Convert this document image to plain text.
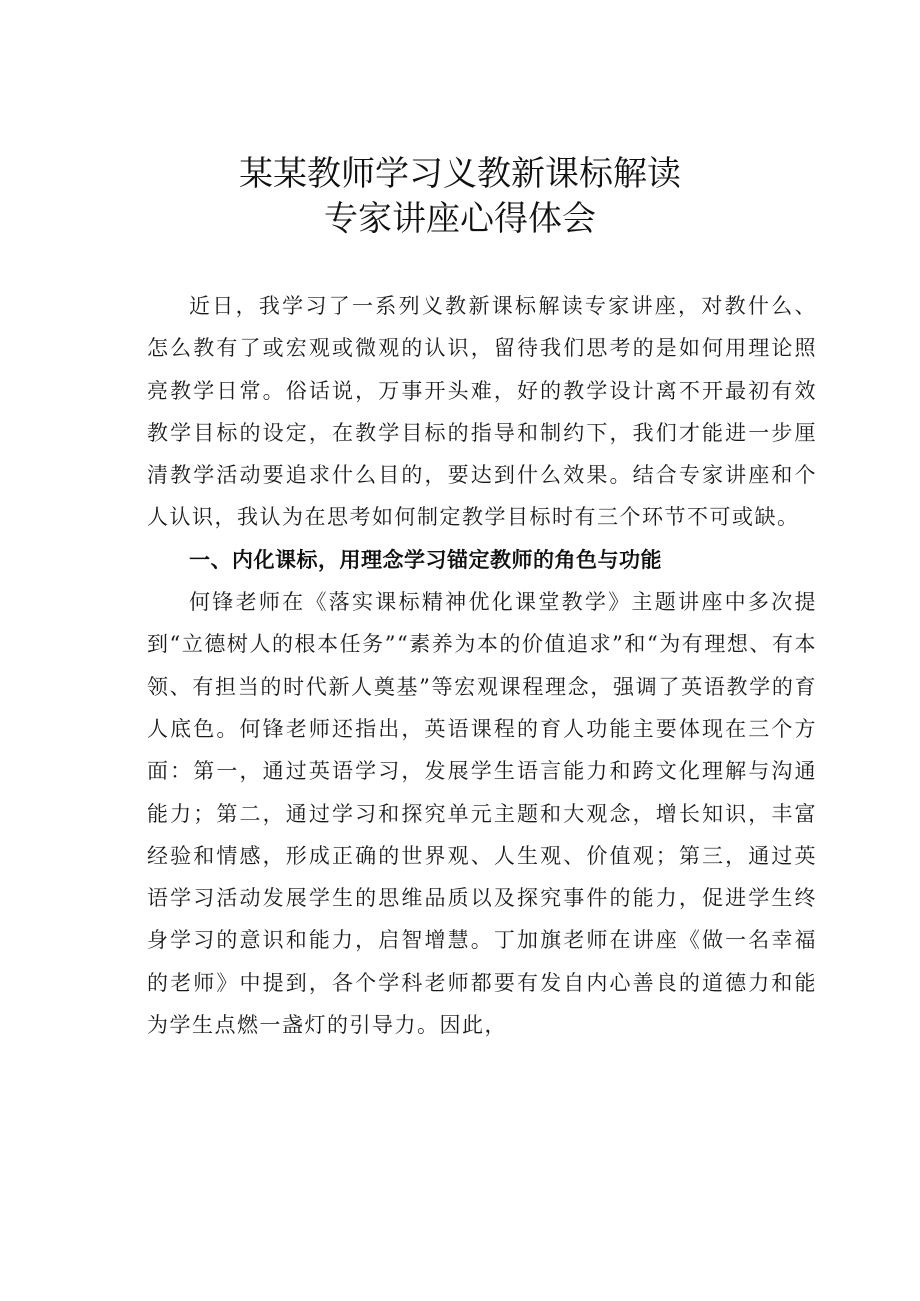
某某教师学习义教新课标解读
专家讲座心得体会

近日，我学习了一系列义教新课标解读专家讲座，对教什么、怎么教有了或宏观或微观的认识，留待我们思考的是如何用理论照亮教学日常。俗话说，万事开头难，好的教学设计离不开最初有效教学目标的设定，在教学目标的指导和制约下，我们才能进一步厘清教学活动要追求什么目的，要达到什么效果。结合专家讲座和个人认识，我认为在思考如何制定教学目标时有三个环节不可或缺。

一、内化课标，用理念学习锚定教师的角色与功能

何锋老师在《落实课标精神优化课堂教学》主题讲座中多次提到“立德树人的根本任务”“素养为本的价值追求”和“为有理想、有本领、有担当的时代新人奠基”等宏观课程理念，强调了英语教学的育人底色。何锋老师还指出，英语课程的育人功能主要体现在三个方面：第一，通过英语学习，发展学生语言能力和跨文化理解与沟通能力；第二，通过学习和探究单元主题和大观念，增长知识，丰富经验和情感，形成正确的世界观、人生观、价值观；第三，通过英语学习活动发展学生的思维品质以及探究事件的能力，促进学生终身学习的意识和能力，启智增慧。丁加旗老师在讲座《做一名幸福的老师》中提到，各个学科老师都要有发自内心善良的道德力和能为学生点燃一盏灯的引导力。因此，
